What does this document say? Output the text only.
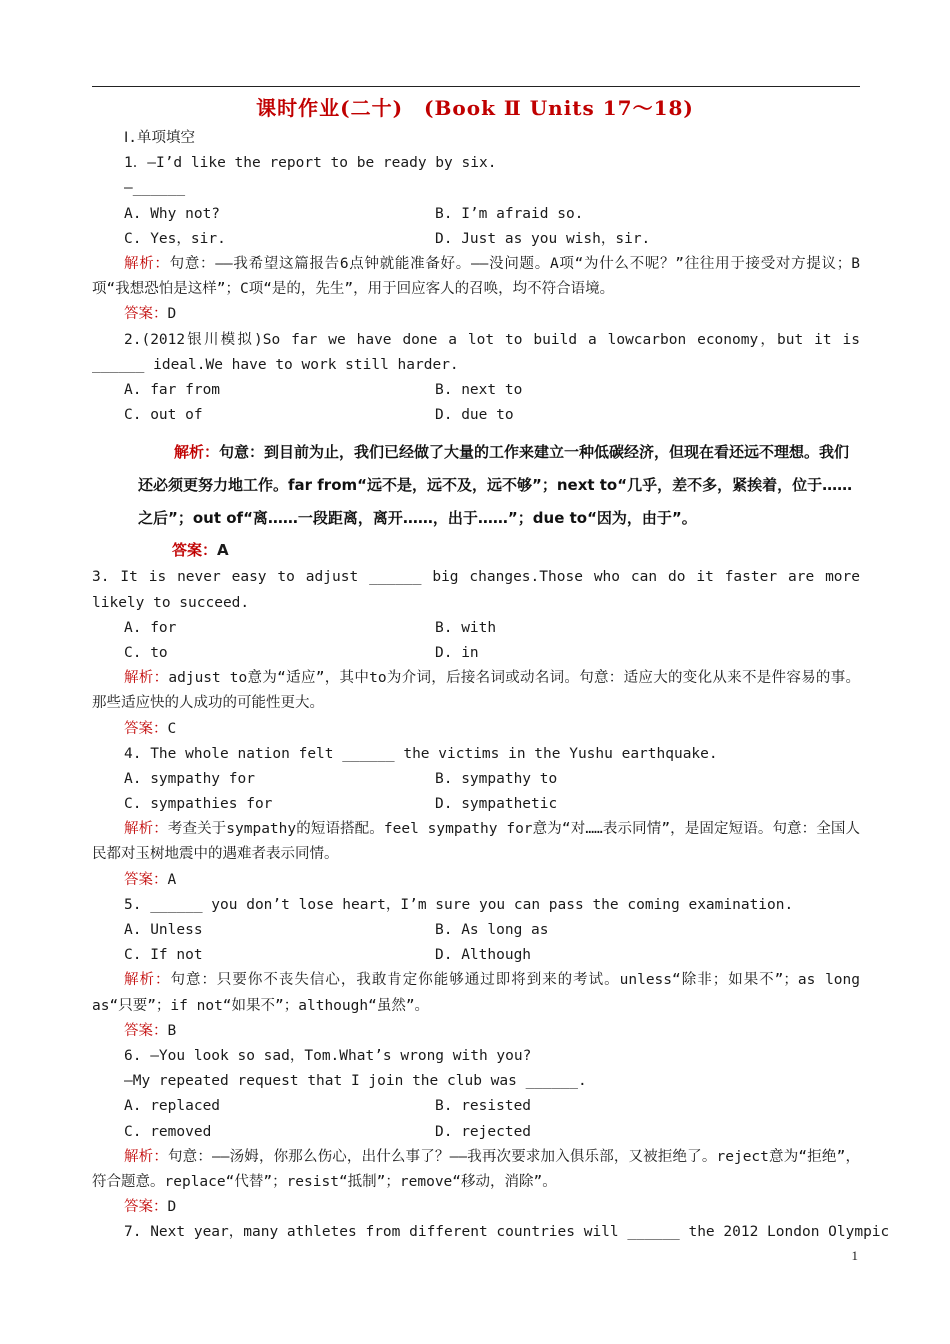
课时作业(二十)　(Book Ⅱ Units 17～18)
Ⅰ.单项填空
1．—I’d like the report to be ready by six.
—______
A. Why not?	B. I’m afraid so.
C. Yes，sir.	D. Just as you wish，sir.
解析：句意：——我希望这篇报告6点钟就能准备好。——没问题。A项“为什么不呢？”往往用于接受对方提议；B项“我想恐怕是这样”；C项“是的，先生”，用于回应客人的召唤，均不符合语境。
答案：D
2.(2012银川模拟)So far we have done a lot to build a lowcarbon economy，but it is ______ ideal.We have to work still harder.
A. far from	B. next to
C. out of	D. due to
解析：句意：到目前为止，我们已经做了大量的工作来建立一种低碳经济，但现在看还远不理想。我们还必须更努力地工作。far from“远不是，远不及，远不够”；next to“几乎，差不多，紧挨着，位于……之后”；out of“离……一段距离，离开……，出于……”；due to“因为，由于”。
答案：A
3. It is never easy to adjust ______ big changes.Those who can do it faster are more likely to succeed.
A. for	B. with
C. to	D. in
解析：adjust to意为“适应”，其中to为介词，后接名词或动名词。句意：适应大的变化从来不是件容易的事。那些适应快的人成功的可能性更大。
答案：C
4. The whole nation felt ______ the victims in the Yushu earthquake.
A. sympathy for	B. sympathy to
C. sympathies for	D. sympathetic
解析：考查关于sympathy的短语搭配。feel sympathy for意为“对……表示同情”，是固定短语。句意：全国人民都对玉树地震中的遇难者表示同情。
答案：A
5. ______ you don’t lose heart，I’m sure you can pass the coming examination.
A. Unless	B. As long as
C. If not	D. Although
解析：句意：只要你不丧失信心，我敢肯定你能够通过即将到来的考试。unless“除非；如果不”；as long as“只要”；if not“如果不”；although“虽然”。
答案：B
6. —You look so sad，Tom.What’s wrong with you?
—My repeated request that I join the club was ______.
A. replaced	B. resisted
C. removed	D. rejected
解析：句意：——汤姆，你那么伤心，出什么事了？——我再次要求加入俱乐部，又被拒绝了。reject意为“拒绝”，符合题意。replace“代替”；resist“抵制”；remove“移动，消除”。
答案：D
7. Next year，many athletes from different countries will ______ the 2012 London Olympic
1
